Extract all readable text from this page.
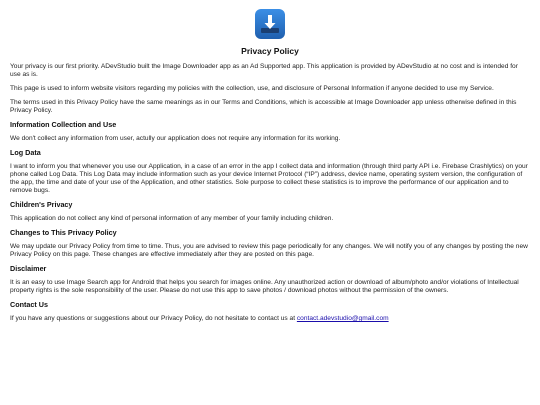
Privacy Policy

Your privacy is our first priority. ADevStudio built the Image Downloader app as an Ad Supported app. This application is provided by ADevStudio at no cost and is intended for use as is.

This page is used to inform website visitors regarding my policies with the collection, use, and disclosure of Personal Information if anyone decided to use my Service.

The terms used in this Privacy Policy have the same meanings as in our Terms and Conditions, which is accessible at Image Downloader app unless otherwise defined in this Privacy Policy.

Information Collection and Use

We don't collect any information from user, actully our application does not require any information for its working.

Log Data

I want to inform you that whenever you use our Application, in a case of an error in the app I collect data and information (through third party API i.e. Firebase Crashlytics) on your phone called Log Data. This Log Data may include information such as your device Internet Protocol (“IP”) address, device name, operating system version, the configuration of the app, the time and date of your use of the Application, and other statistics. Sole purpose to collect these statistics is to improve the performance of our application and to remove bugs.

Children's Privacy

This application do not collect any kind of personal information of any member of your family including children.

Changes to This Privacy Policy

We may update our Privacy Policy from time to time. Thus, you are advised to review this page periodically for any changes. We will notify you of any changes by posting the new Privacy Policy on this page. These changes are effective immediately after they are posted on this page.

Disclaimer

It is an easy to use Image Search app for Android that helps you search for images online. Any unauthorized action or download of album/photo and/or violations of Intellectual property rights is the sole responsibility of the user. Please do not use this app to save photos / download photos without the permission of the owners.

Contact Us

If you have any questions or suggestions about our Privacy Policy, do not hesitate to contact us at contact.adevstudio@gmail.com
